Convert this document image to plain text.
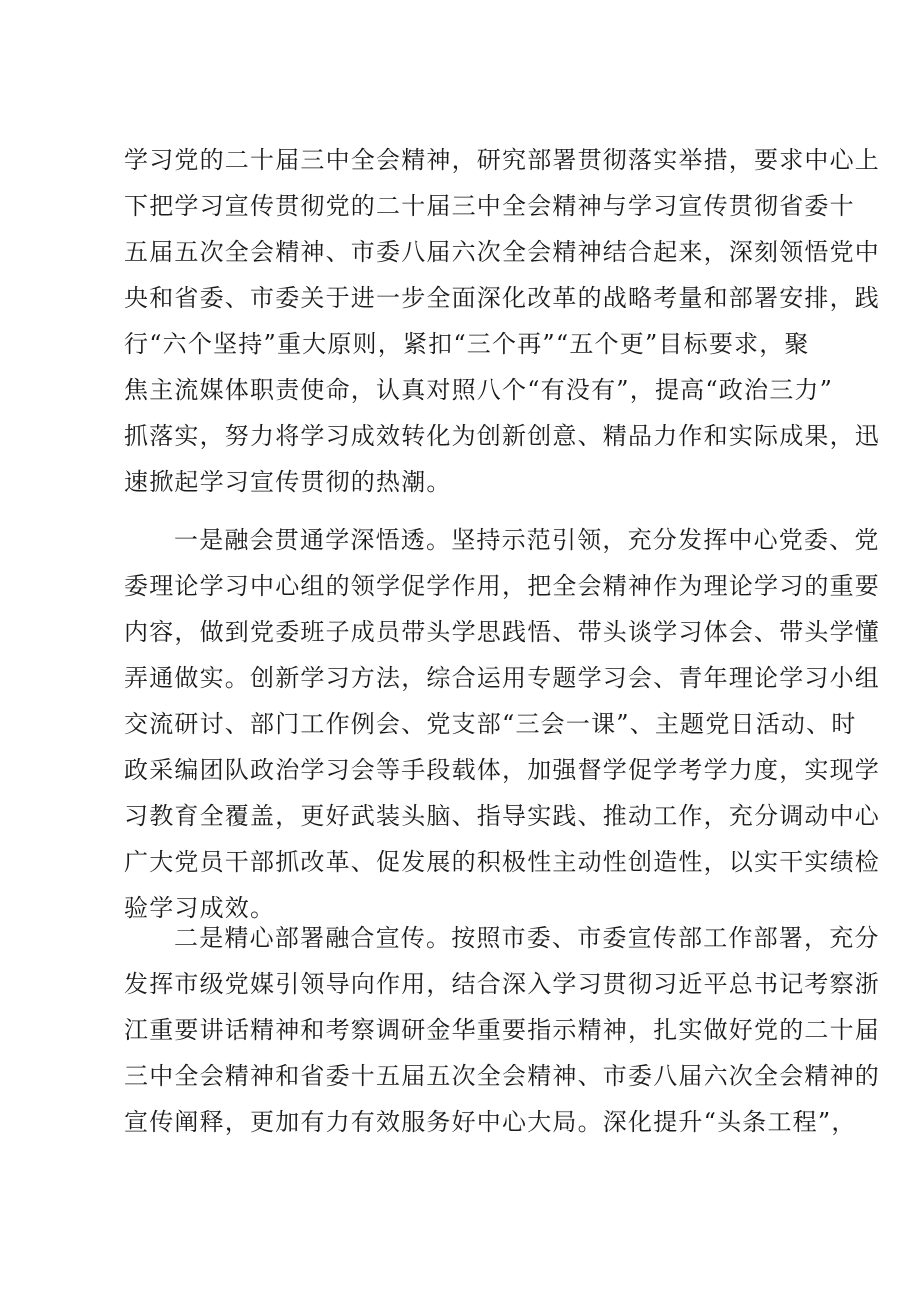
学习党的二十届三中全会精神，研究部署贯彻落实举措，要求中心上
下把学习宣传贯彻党的二十届三中全会精神与学习宣传贯彻省委十
五届五次全会精神、市委八届六次全会精神结合起来，深刻领悟党中
央和省委、市委关于进一步全面深化改革的战略考量和部署安排，践
行“六个坚持”重大原则，紧扣“三个再”“五个更”目标要求，聚
焦主流媒体职责使命，认真对照八个“有没有”，提高“政治三力”
抓落实，努力将学习成效转化为创新创意、精品力作和实际成果，迅
速掀起学习宣传贯彻的热潮。
一是融会贯通学深悟透。坚持示范引领，充分发挥中心党委、党
委理论学习中心组的领学促学作用，把全会精神作为理论学习的重要
内容，做到党委班子成员带头学思践悟、带头谈学习体会、带头学懂
弄通做实。创新学习方法，综合运用专题学习会、青年理论学习小组
交流研讨、部门工作例会、党支部“三会一课”、主题党日活动、时
政采编团队政治学习会等手段载体，加强督学促学考学力度，实现学
习教育全覆盖，更好武装头脑、指导实践、推动工作，充分调动中心
广大党员干部抓改革、促发展的积极性主动性创造性，以实干实绩检
验学习成效。
二是精心部署融合宣传。按照市委、市委宣传部工作部署，充分
发挥市级党媒引领导向作用，结合深入学习贯彻习近平总书记考察浙
江重要讲话精神和考察调研金华重要指示精神，扎实做好党的二十届
三中全会精神和省委十五届五次全会精神、市委八届六次全会精神的
宣传阐释，更加有力有效服务好中心大局。深化提升“头条工程”，
